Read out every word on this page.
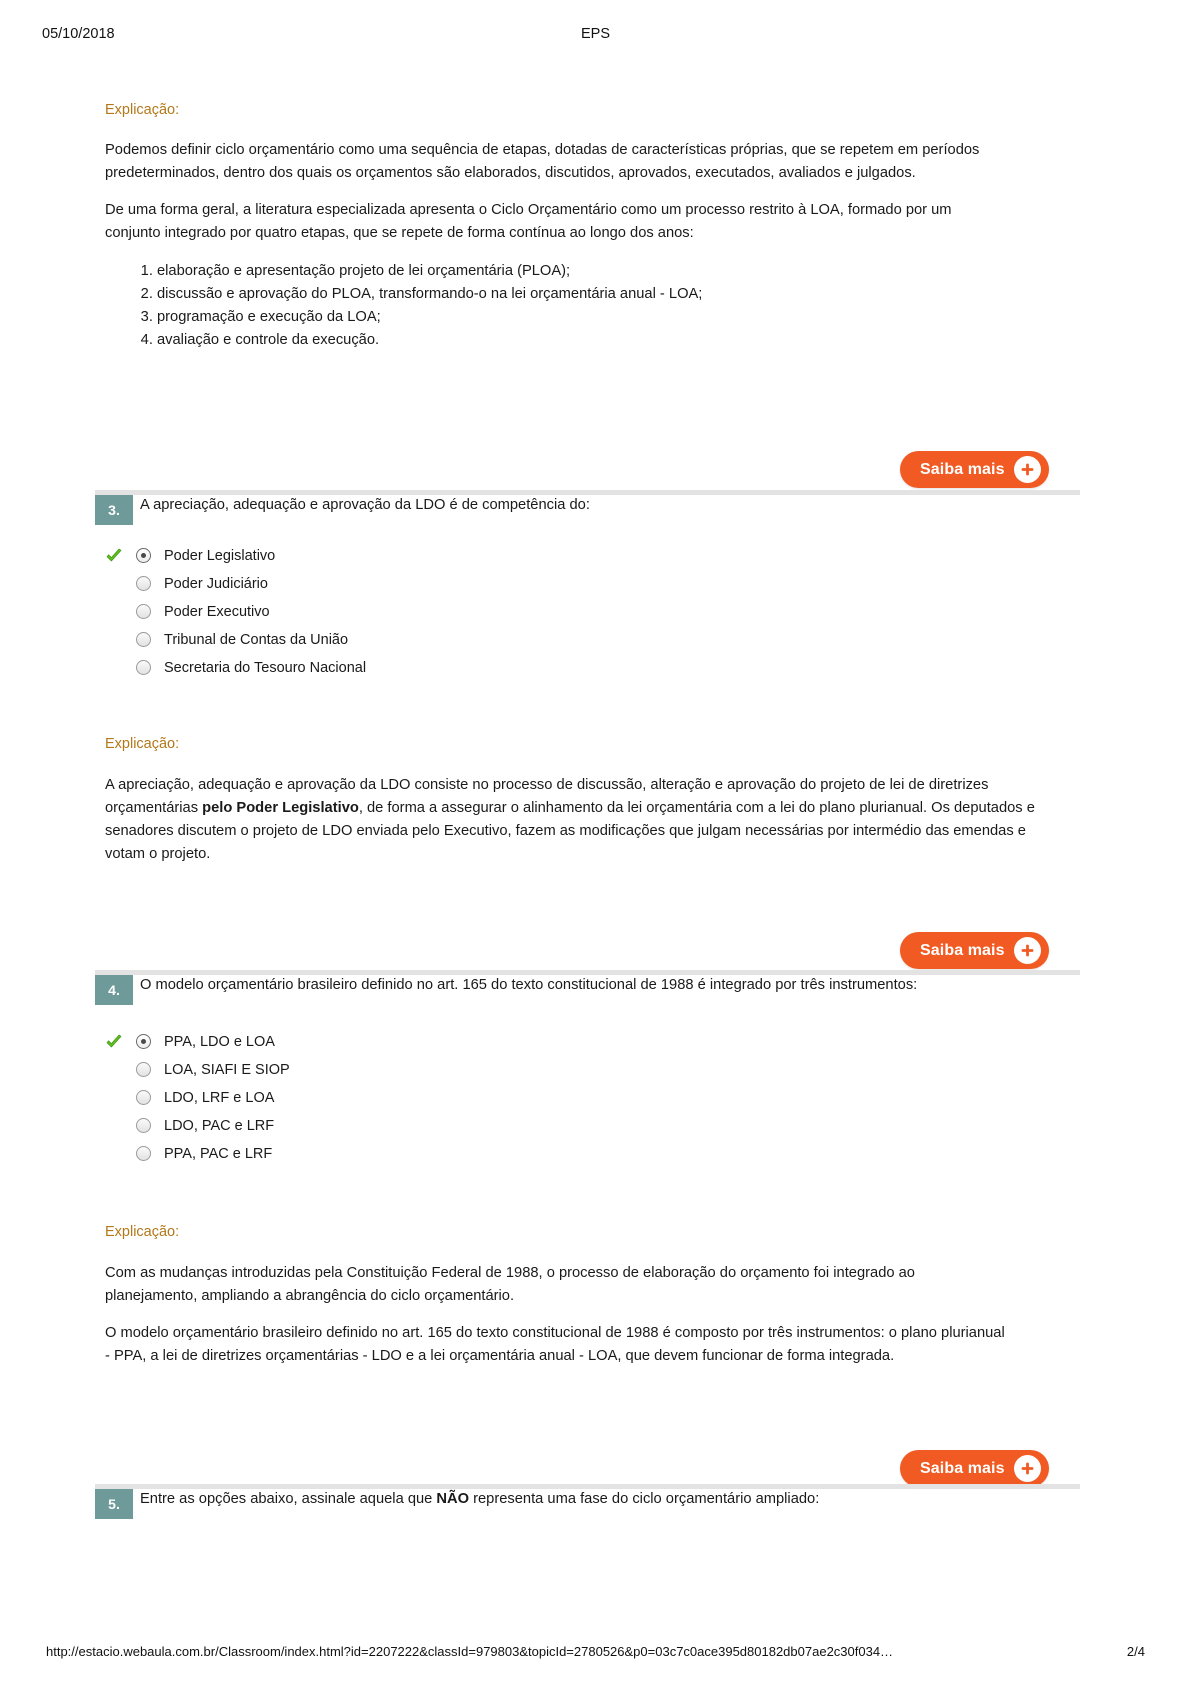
05/10/2018	EPS
Explicação:

Podemos definir ciclo orçamentário como uma sequência de etapas, dotadas de características próprias, que se repetem em períodos predeterminados, dentro dos quais os orçamentos são elaborados, discutidos, aprovados, executados, avaliados e julgados.

De uma forma geral, a literatura especializada apresenta o Ciclo Orçamentário como um processo restrito à LOA, formado por um conjunto integrado por quatro etapas, que se repete de forma contínua ao longo dos anos:

1. elaboração e apresentação projeto de lei orçamentária (PLOA);
2. discussão e aprovação do PLOA, transformando-o na lei orçamentária anual - LOA;
3. programação e execução da LOA;
4. avaliação e controle da execução.
Saiba mais
3.	A apreciação, adequação e aprovação da LDO é de competência do:
Poder Legislativo
Poder Judiciário
Poder Executivo
Tribunal de Contas da União
Secretaria do Tesouro Nacional
Explicação:

A apreciação, adequação e aprovação da LDO consiste no processo de discussão, alteração e aprovação do projeto de lei de diretrizes orçamentárias pelo Poder Legislativo, de forma a assegurar o alinhamento da lei orçamentária com a lei do plano plurianual. Os deputados e senadores discutem o projeto de LDO enviada pelo Executivo, fazem as modificações que julgam necessárias por intermédio das emendas e votam o projeto.

Saiba mais
4.	O modelo orçamentário brasileiro definido no art. 165 do texto constitucional de 1988 é integrado por três instrumentos:
PPA, LDO e LOA
LOA, SIAFI E SIOP
LDO, LRF e LOA
LDO, PAC e LRF
PPA, PAC e LRF
Explicação:

Com as mudanças introduzidas pela Constituição Federal de 1988, o processo de elaboração do orçamento foi integrado ao planejamento, ampliando a abrangência do ciclo orçamentário.

O modelo orçamentário brasileiro definido no art. 165 do texto constitucional de 1988 é composto por três instrumentos: o plano plurianual - PPA, a lei de diretrizes orçamentárias - LDO e a lei orçamentária anual - LOA, que devem funcionar de forma integrada.

Saiba mais
5.	Entre as opções abaixo, assinale aquela que NÃO representa uma fase do ciclo orçamentário ampliado:
http://estacio.webaula.com.br/Classroom/index.html?id=2207222&classId=979803&topicId=2780526&p0=03c7c0ace395d80182db07ae2c30f034…	2/4
